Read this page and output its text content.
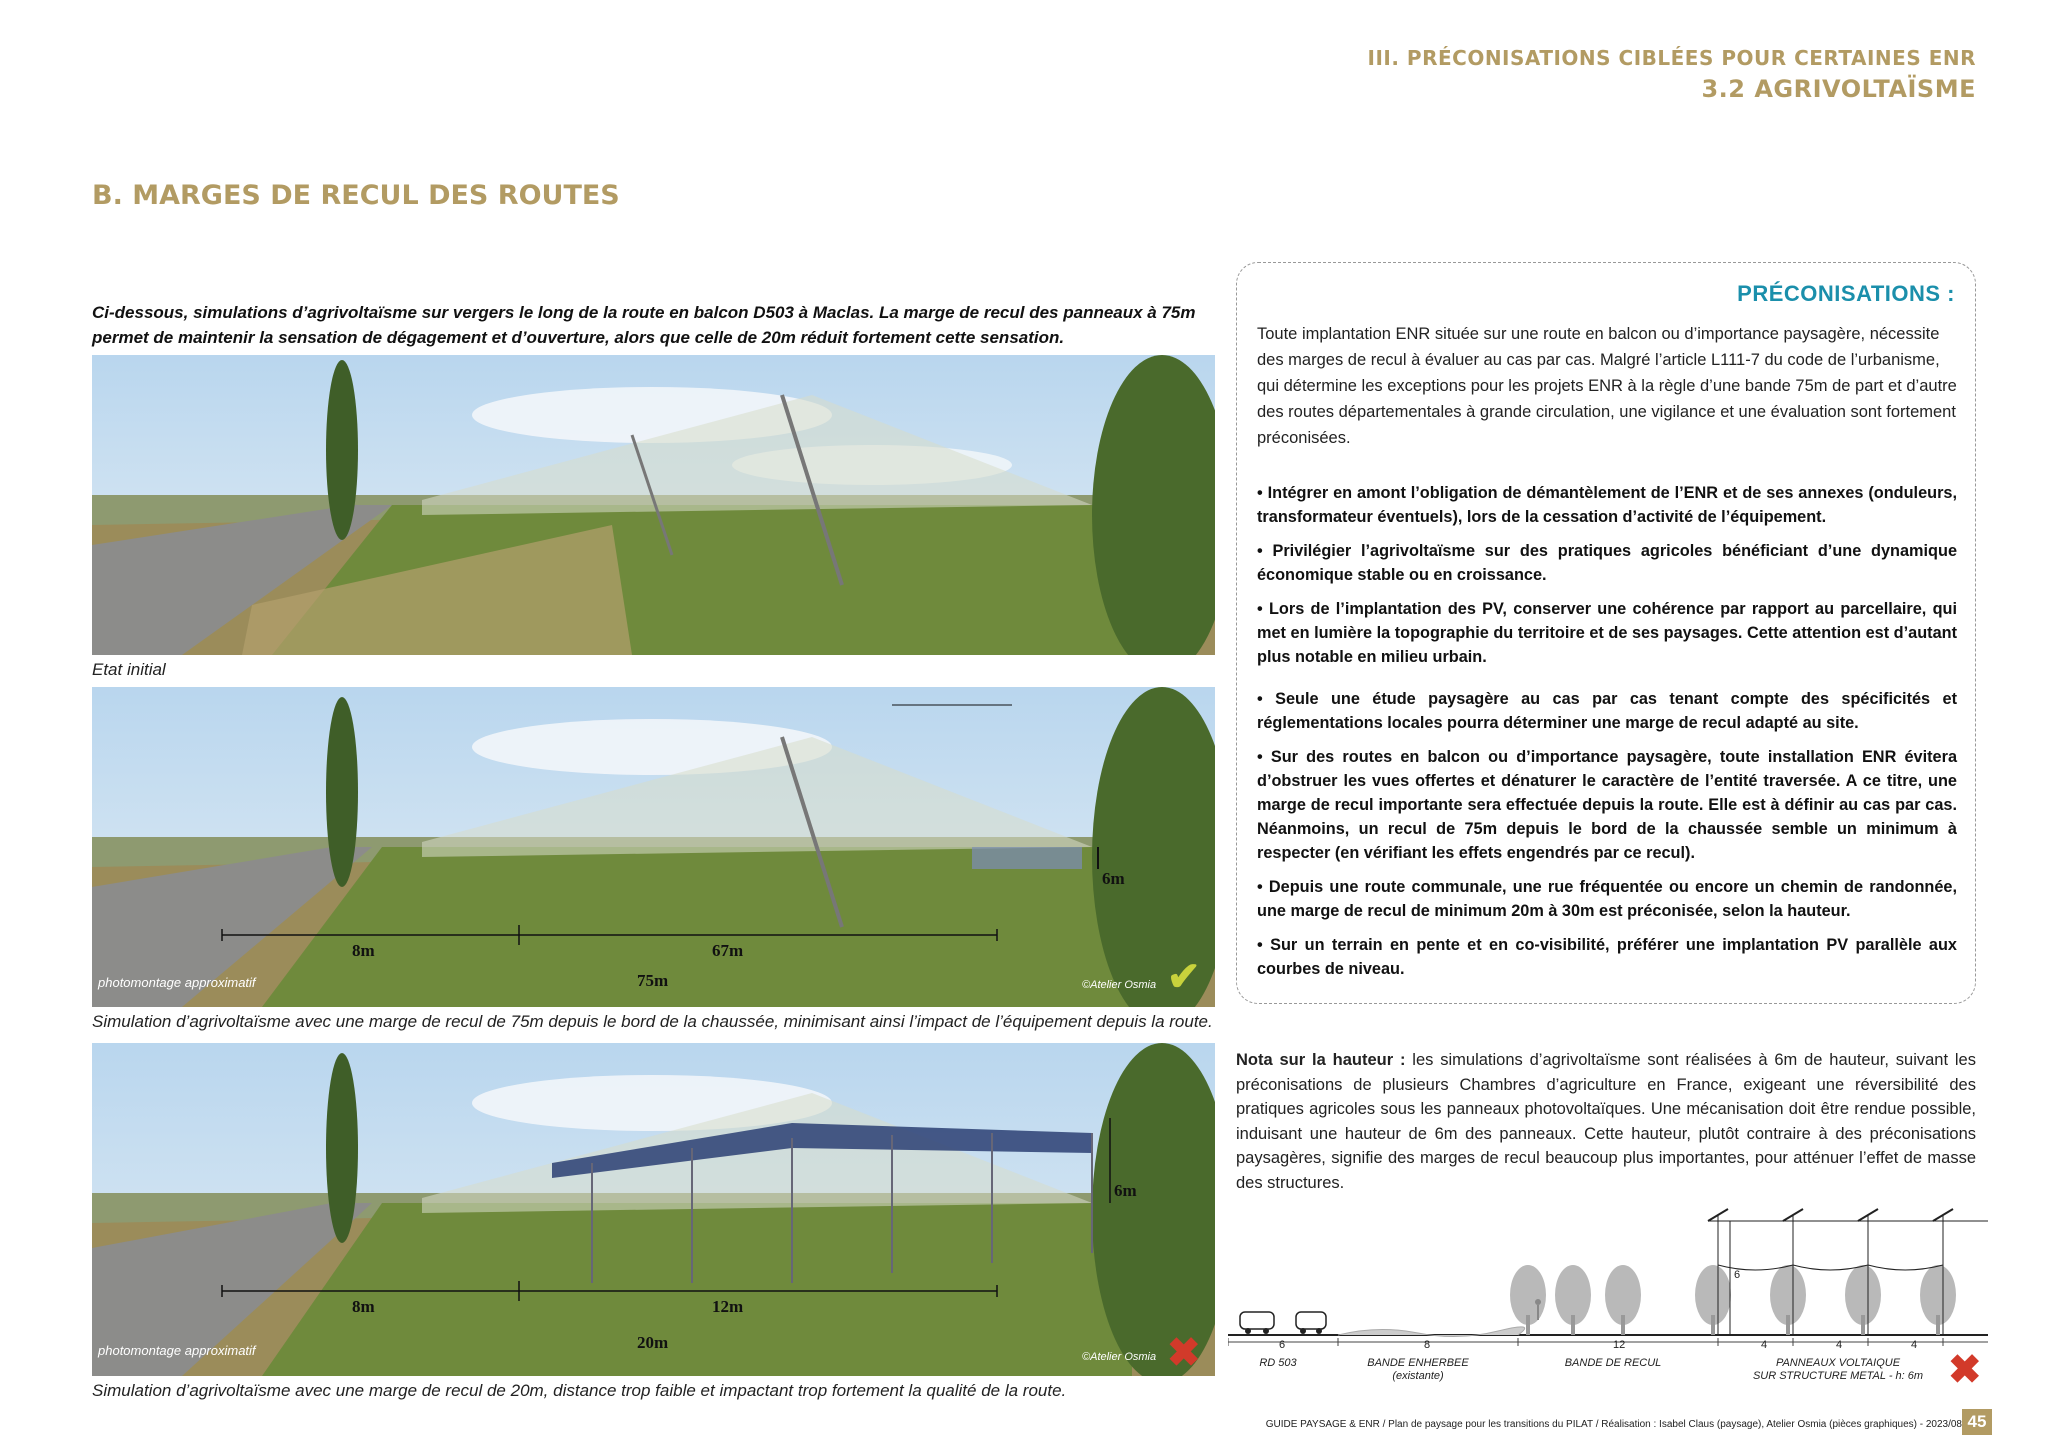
III. PRÉCONISATIONS CIBLÉES POUR CERTAINES ENR
3.2 AGRIVOLTAÏSME
B. MARGES DE RECUL DES ROUTES
Ci-dessous, simulations d’agrivoltaïsme sur vergers le long de la route en balcon D503 à Maclas. La marge de recul des panneaux à 75m permet de maintenir la sensation de dégagement et d’ouverture, alors que celle de 20m réduit fortement cette sensation.
Etat initial
8m	67m
75m
6m
photomontage approximatif	©Atelier Osmia ✔
Simulation d’agrivoltaïsme avec une marge de recul de 75m depuis le bord de la chaussée, minimisant ainsi l’impact de l’équipement depuis la route.
8m	12m
20m
6m
photomontage approximatif	©Atelier Osmia ✖
Simulation d’agrivoltaïsme avec une marge de recul de 20m, distance trop faible et impactant trop fortement la qualité de la route.
PRÉCONISATIONS :
Toute implantation ENR située sur une route en balcon ou d’importance paysagère, nécessite des marges de recul à évaluer au cas par cas. Malgré l’article L111-7 du code de l’urbanisme, qui détermine les exceptions pour les projets ENR à la règle d’une bande 75m de part et d’autre des routes départementales à grande circulation, une vigilance et une évaluation sont fortement préconisées.
• Intégrer en amont l’obligation de démantèlement de l’ENR et de ses annexes (onduleurs, transformateur éventuels), lors de la cessation d’activité de l’équipement.
• Privilégier l’agrivoltaïsme sur des pratiques agricoles bénéficiant d’une dynamique économique stable ou en croissance.
• Lors de l’implantation des PV, conserver une cohérence par rapport au parcellaire, qui met en lumière la topographie du territoire et de ses paysages. Cette attention est d’autant plus notable en milieu urbain.
• Seule une étude paysagère au cas par cas tenant compte des spécificités et réglementations locales pourra déterminer une marge de recul adapté au site.
• Sur des routes en balcon ou d’importance paysagère, toute installation ENR évitera d’obstruer les vues offertes et dénaturer le caractère de l’entité traversée. A ce titre, une marge de recul importante sera effectuée depuis la route. Elle est à définir au cas par cas. Néanmoins, un recul de 75m depuis le bord de la chaussée semble un minimum à respecter (en vérifiant les effets engendrés par ce recul).
• Depuis une route communale, une rue fréquentée ou encore un chemin de randonnée, une marge de recul de minimum 20m à 30m est préconisée, selon la hauteur.
• Sur un terrain en pente et en co-visibilité, préférer une implantation PV parallèle aux courbes de niveau.
Nota sur la hauteur : les simulations d’agrivoltaïsme sont réalisées à 6m de hauteur, suivant les préconisations de plusieurs Chambres d’agriculture en France, exigeant une réversibilité des pratiques agricoles sous les panneaux photovoltaïques. Une mécanisation doit être rendue possible, induisant une hauteur de 6m des panneaux. Cette hauteur, plutôt contraire à des préconisations paysagères, signifie des marges de recul beaucoup plus importantes, pour atténuer l’effet de masse des structures.
6	8	12	4	4	4
6
RD 503	BANDE ENHERBEE
(existante)
BANDE DE RECUL	PANNEAUX VOLTAIQUE
SUR STRUCTURE METAL - h: 6m ✖
GUIDE PAYSAGE & ENR / Plan de paysage pour les transitions du PILAT / Réalisation : Isabel Claus (paysage), Atelier Osmia (pièces graphiques) - 2023/08 45
